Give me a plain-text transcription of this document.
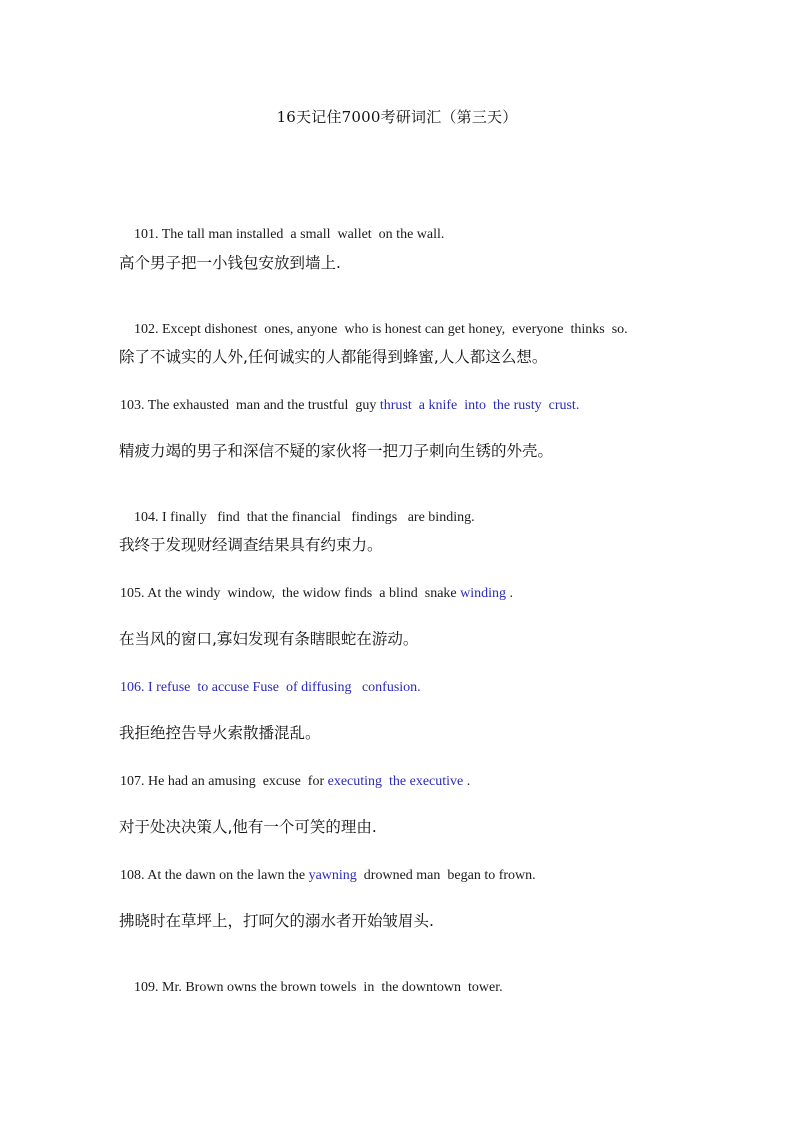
16天记住7000考研词汇（第三天）

101. The tall man installed  a small  wallet  on the wall.

高个男子把一小钱包安放到墙上.

102. Except dishonest  ones, anyone  who is honest can get honey,  everyone  thinks  so.

除了不诚实的人外,任何诚实的人都能得到蜂蜜,人人都这么想。
103. The exhausted  man and the trustful  guy thrust  a knife  into  the rusty  crust.
精疲力竭的男子和深信不疑的家伙将一把刀子刺向生锈的外壳。

104. I finally   find  that the financial   findings   are binding.

我终于发现财经调查结果具有约束力。
105. At the windy  window,  the widow finds  a blind  snake winding .
在当风的窗口,寡妇发现有条瞎眼蛇在游动。
106. I refuse  to accuse Fuse  of diffusing   confusion.
我拒绝控告导火索散播混乱。
107. He had an amusing  excuse  for executing  the executive .
对于处决决策人,他有一个可笑的理由.
108. At the dawn on the lawn the yawning  drowned man  began to frown.
拂晓时在草坪上，打呵欠的溺水者开始皱眉头.

109. Mr. Brown owns the brown towels  in  the downtown  tower.
